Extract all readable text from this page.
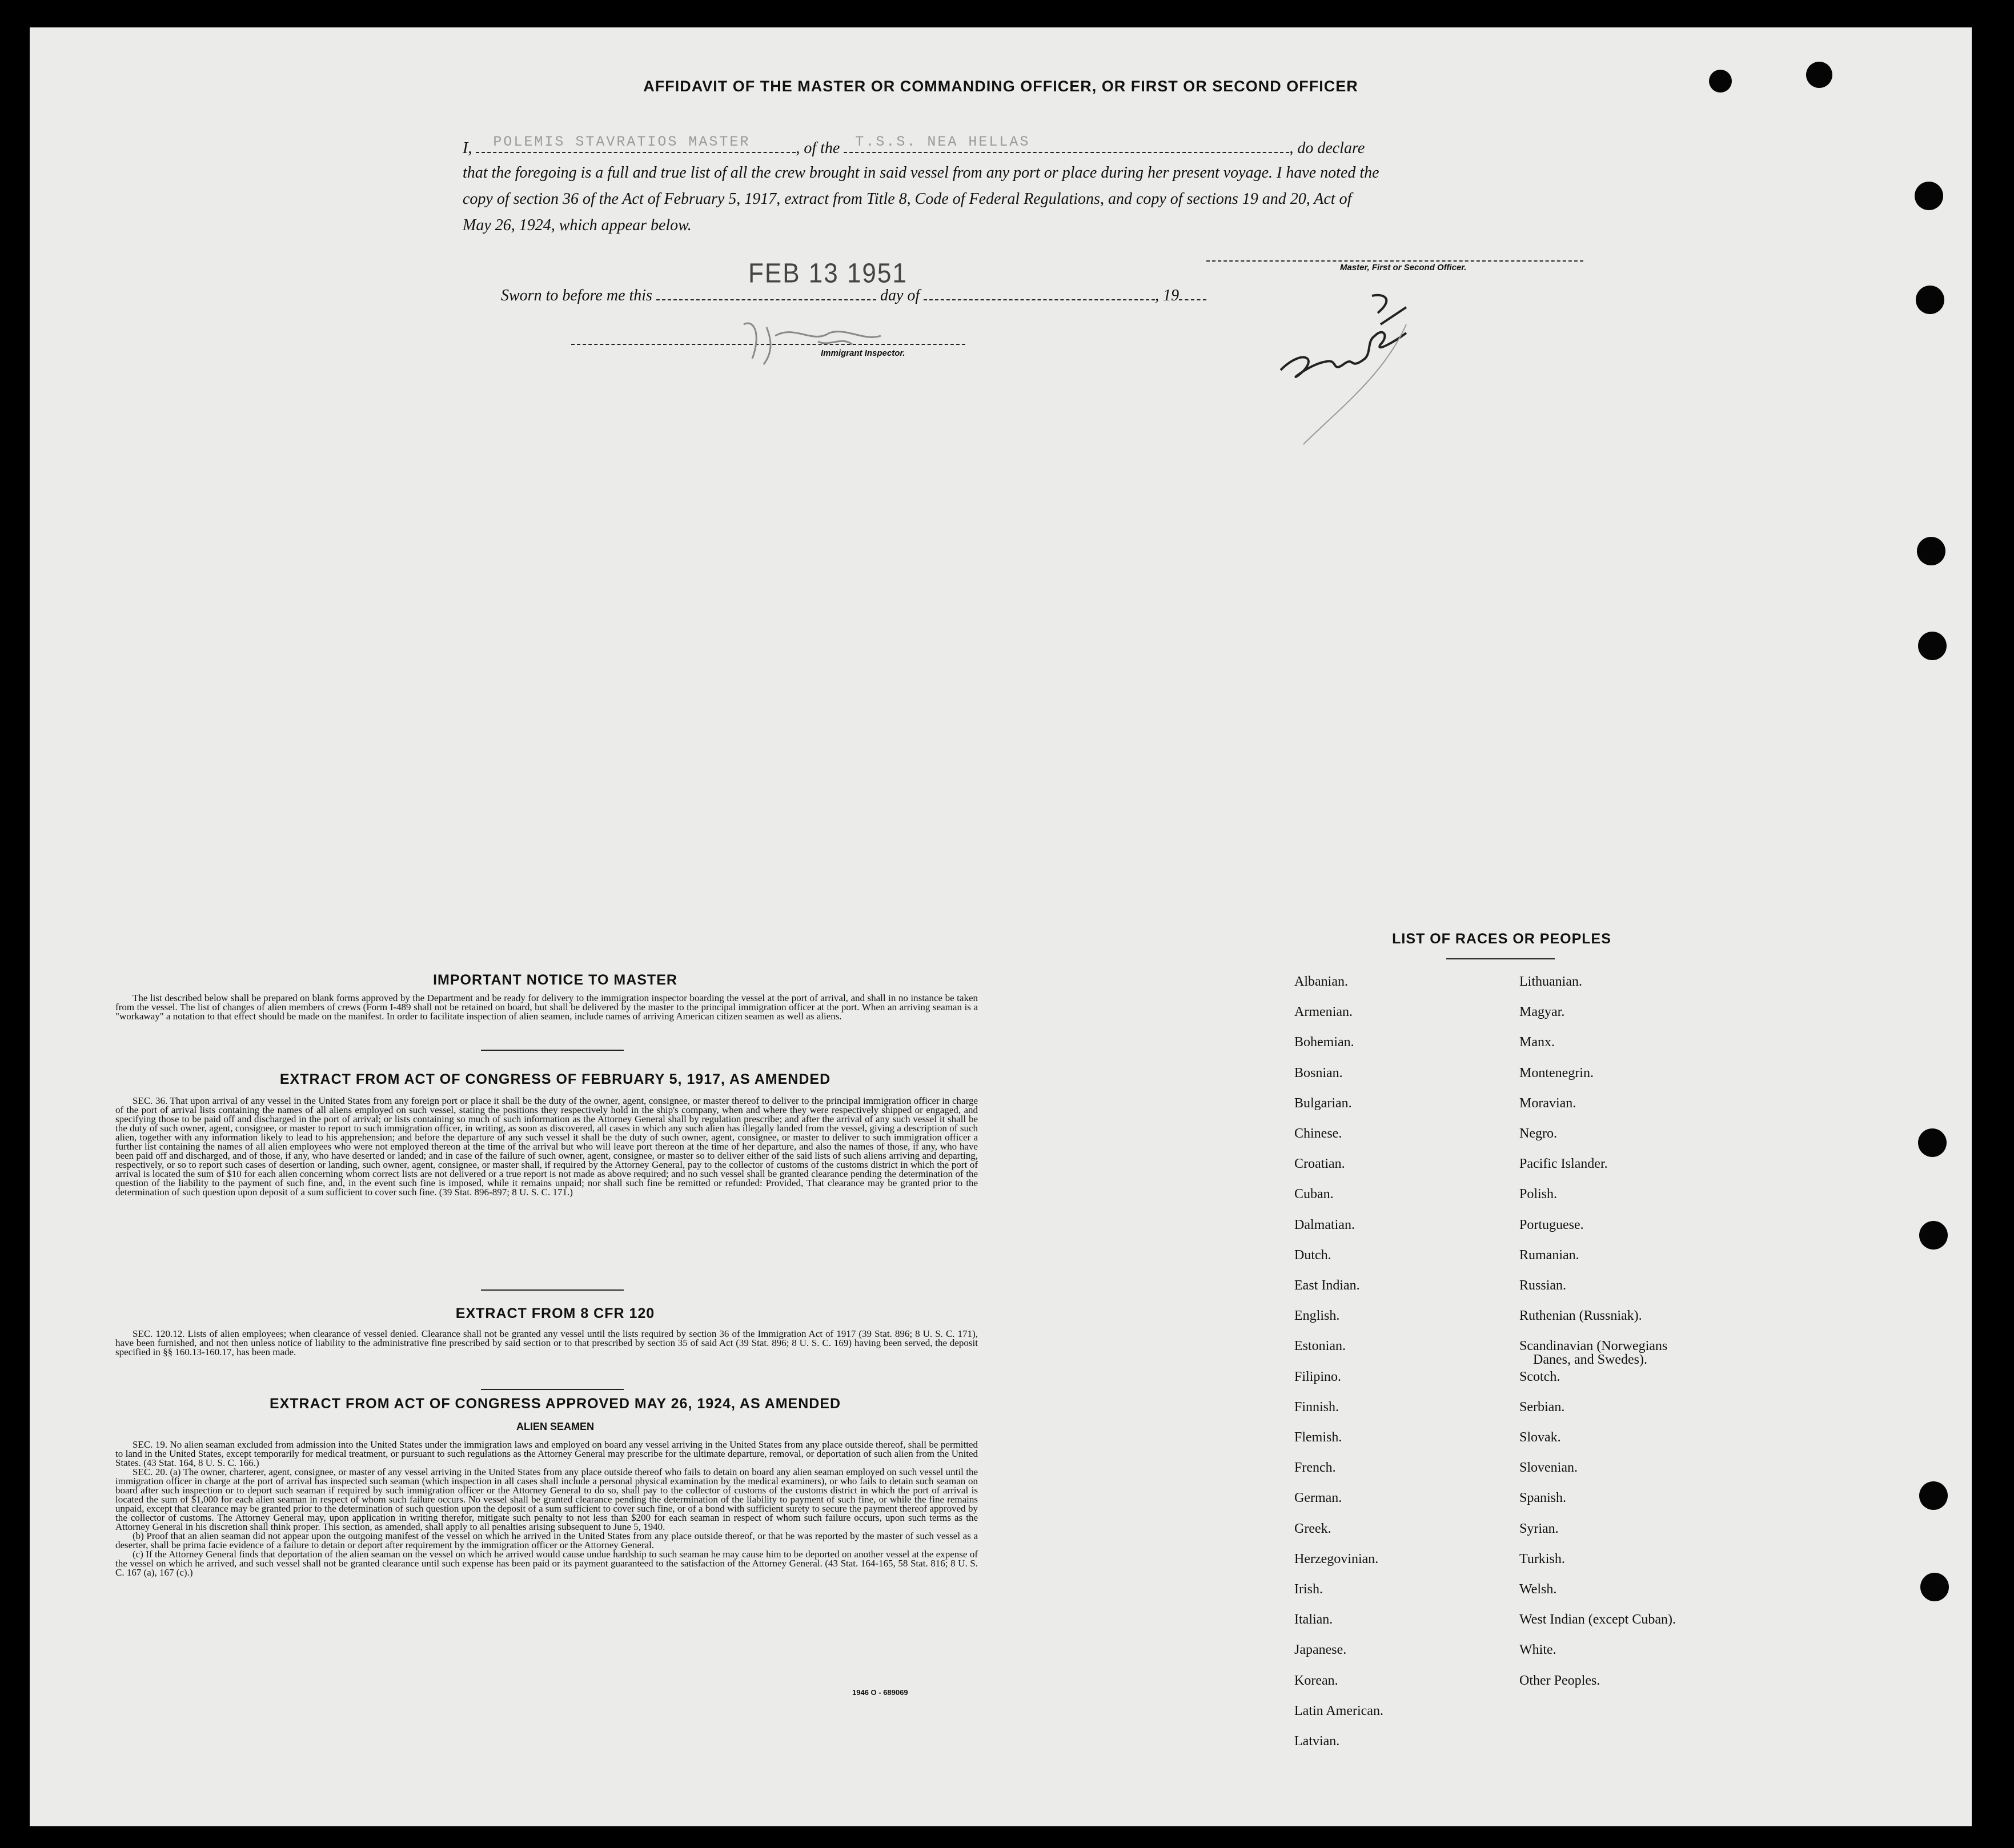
AFFIDAVIT OF THE MASTER OR COMMANDING OFFICER, OR FIRST OR SECOND OFFICER
I, POLEMIS STAVRATIOS MASTER	, of the T.S.S. NEA HELLAS	, do declare
that the foregoing is a full and true list of all the crew brought in said vessel from any port or place during her present voyage. I have noted the
copy of section 36 of the Act of February 5, 1917, extract from Title 8, Code of Federal Regulations, and copy of sections 19 and 20, Act of
May 26, 1924, which appear below.
FEB 13 1951	Master, First or Second Officer.
Sworn to before me this	day of	, 19
Immigrant Inspector.
IMPORTANT NOTICE TO MASTER
The list described below shall be prepared on blank forms approved by the Department and be ready for delivery to the immigration inspector boarding the vessel at the port of arrival, and shall in no instance be taken from the vessel. The list of changes of alien members of crews (Form I-489 shall not be retained on board, but shall be delivered by the master to the principal immigration officer at the port. When an arriving seaman is a "workaway" a notation to that effect should be made on the manifest. In order to facilitate inspection of alien seamen, include names of arriving American citizen seamen as well as aliens.
EXTRACT FROM ACT OF CONGRESS OF FEBRUARY 5, 1917, AS AMENDED
SEC. 36. That upon arrival of any vessel in the United States from any foreign port or place it shall be the duty of the owner, agent, consignee, or master thereof to deliver to the principal immigration officer in charge of the port of arrival lists containing the names of all aliens employed on such vessel, stating the positions they respectively hold in the ship's company, when and where they were respectively shipped or engaged, and specifying those to be paid off and discharged in the port of arrival; or lists containing so much of such information as the Attorney General shall by regulation prescribe; and after the arrival of any such vessel it shall be the duty of such owner, agent, consignee, or master to report to such immigration officer, in writing, as soon as discovered, all cases in which any such alien has illegally landed from the vessel, giving a description of such alien, together with any information likely to lead to his apprehension; and before the departure of any such vessel it shall be the duty of such owner, agent, consignee, or master to deliver to such immigration officer a further list containing the names of all alien employees who were not employed thereon at the time of the arrival but who will leave port thereon at the time of her departure, and also the names of those, if any, who have been paid off and discharged, and of those, if any, who have deserted or landed; and in case of the failure of such owner, agent, consignee, or master so to deliver either of the said lists of such aliens arriving and departing, respectively, or so to report such cases of desertion or landing, such owner, agent, consignee, or master shall, if required by the Attorney General, pay to the collector of customs of the customs district in which the port of arrival is located the sum of $10 for each alien concerning whom correct lists are not delivered or a true report is not made as above required; and no such vessel shall be granted clearance pending the determination of the question of the liability to the payment of such fine, and, in the event such fine is imposed, while it remains unpaid; nor shall such fine be remitted or refunded: Provided, That clearance may be granted prior to the determination of such question upon deposit of a sum sufficient to cover such fine. (39 Stat. 896-897; 8 U. S. C. 171.)
EXTRACT FROM 8 CFR 120
SEC. 120.12. Lists of alien employees; when clearance of vessel denied. Clearance shall not be granted any vessel until the lists required by section 36 of the Immigration Act of 1917 (39 Stat. 896; 8 U. S. C. 171), have been furnished, and not then unless notice of liability to the administrative fine prescribed by said section or to that prescribed by section 35 of said Act (39 Stat. 896; 8 U. S. C. 169) having been served, the deposit specified in §§ 160.13-160.17, has been made.
EXTRACT FROM ACT OF CONGRESS APPROVED MAY 26, 1924, AS AMENDED
ALIEN SEAMEN
SEC. 19. No alien seaman excluded from admission into the United States under the immigration laws and employed on board any vessel arriving in the United States from any place outside thereof, shall be permitted to land in the United States, except temporarily for medical treatment, or pursuant to such regulations as the Attorney General may prescribe for the ultimate departure, removal, or deportation of such alien from the United States. (43 Stat. 164, 8 U. S. C. 166.)
SEC. 20. (a) The owner, charterer, agent, consignee, or master of any vessel arriving in the United States from any place outside thereof who fails to detain on board any alien seaman employed on such vessel until the immigration officer in charge at the port of arrival has inspected such seaman (which inspection in all cases shall include a personal physical examination by the medical examiners), or who fails to detain such seaman on board after such inspection or to deport such seaman if required by such immigration officer or the Attorney General to do so, shall pay to the collector of customs of the customs district in which the port of arrival is located the sum of $1,000 for each alien seaman in respect of whom such failure occurs. No vessel shall be granted clearance pending the determination of the liability to payment of such fine, or while the fine remains unpaid, except that clearance may be granted prior to the determination of such question upon the deposit of a sum sufficient to cover such fine, or of a bond with sufficient surety to secure the payment thereof approved by the collector of customs. The Attorney General may, upon application in writing therefor, mitigate such penalty to not less than $200 for each seaman in respect of whom such failure occurs, upon such terms as the Attorney General in his discretion shall think proper. This section, as amended, shall apply to all penalties arising subsequent to June 5, 1940.
(b) Proof that an alien seaman did not appear upon the outgoing manifest of the vessel on which he arrived in the United States from any place outside thereof, or that he was reported by the master of such vessel as a deserter, shall be prima facie evidence of a failure to detain or deport after requirement by the immigration officer or the Attorney General.
(c) If the Attorney General finds that deportation of the alien seaman on the vessel on which he arrived would cause undue hardship to such seaman he may cause him to be deported on another vessel at the expense of the vessel on which he arrived, and such vessel shall not be granted clearance until such expense has been paid or its payment guaranteed to the satisfaction of the Attorney General. (43 Stat. 164-165, 58 Stat. 816; 8 U. S. C. 167 (a), 167 (c).)
1946 O - 689069
LIST OF RACES OR PEOPLES
Albanian.
Armenian.
Bohemian.
Bosnian.
Bulgarian.
Chinese.
Croatian.
Cuban.
Dalmatian.
Dutch.
East Indian.
English.
Estonian.
Filipino.
Finnish.
Flemish.
French.
German.
Greek.
Herzegovinian.
Irish.
Italian.
Japanese.
Korean.
Latin American.
Latvian.
Lithuanian.
Magyar.
Manx.
Montenegrin.
Moravian.
Negro.
Pacific Islander.
Polish.
Portuguese.
Rumanian.
Russian.
Ruthenian (Russniak).
Scandinavian (Norwegians
Danes, and Swedes).
Scotch.
Serbian.
Slovak.
Slovenian.
Spanish.
Syrian.
Turkish.
Welsh.
West Indian (except Cuban).
White.
Other Peoples.
